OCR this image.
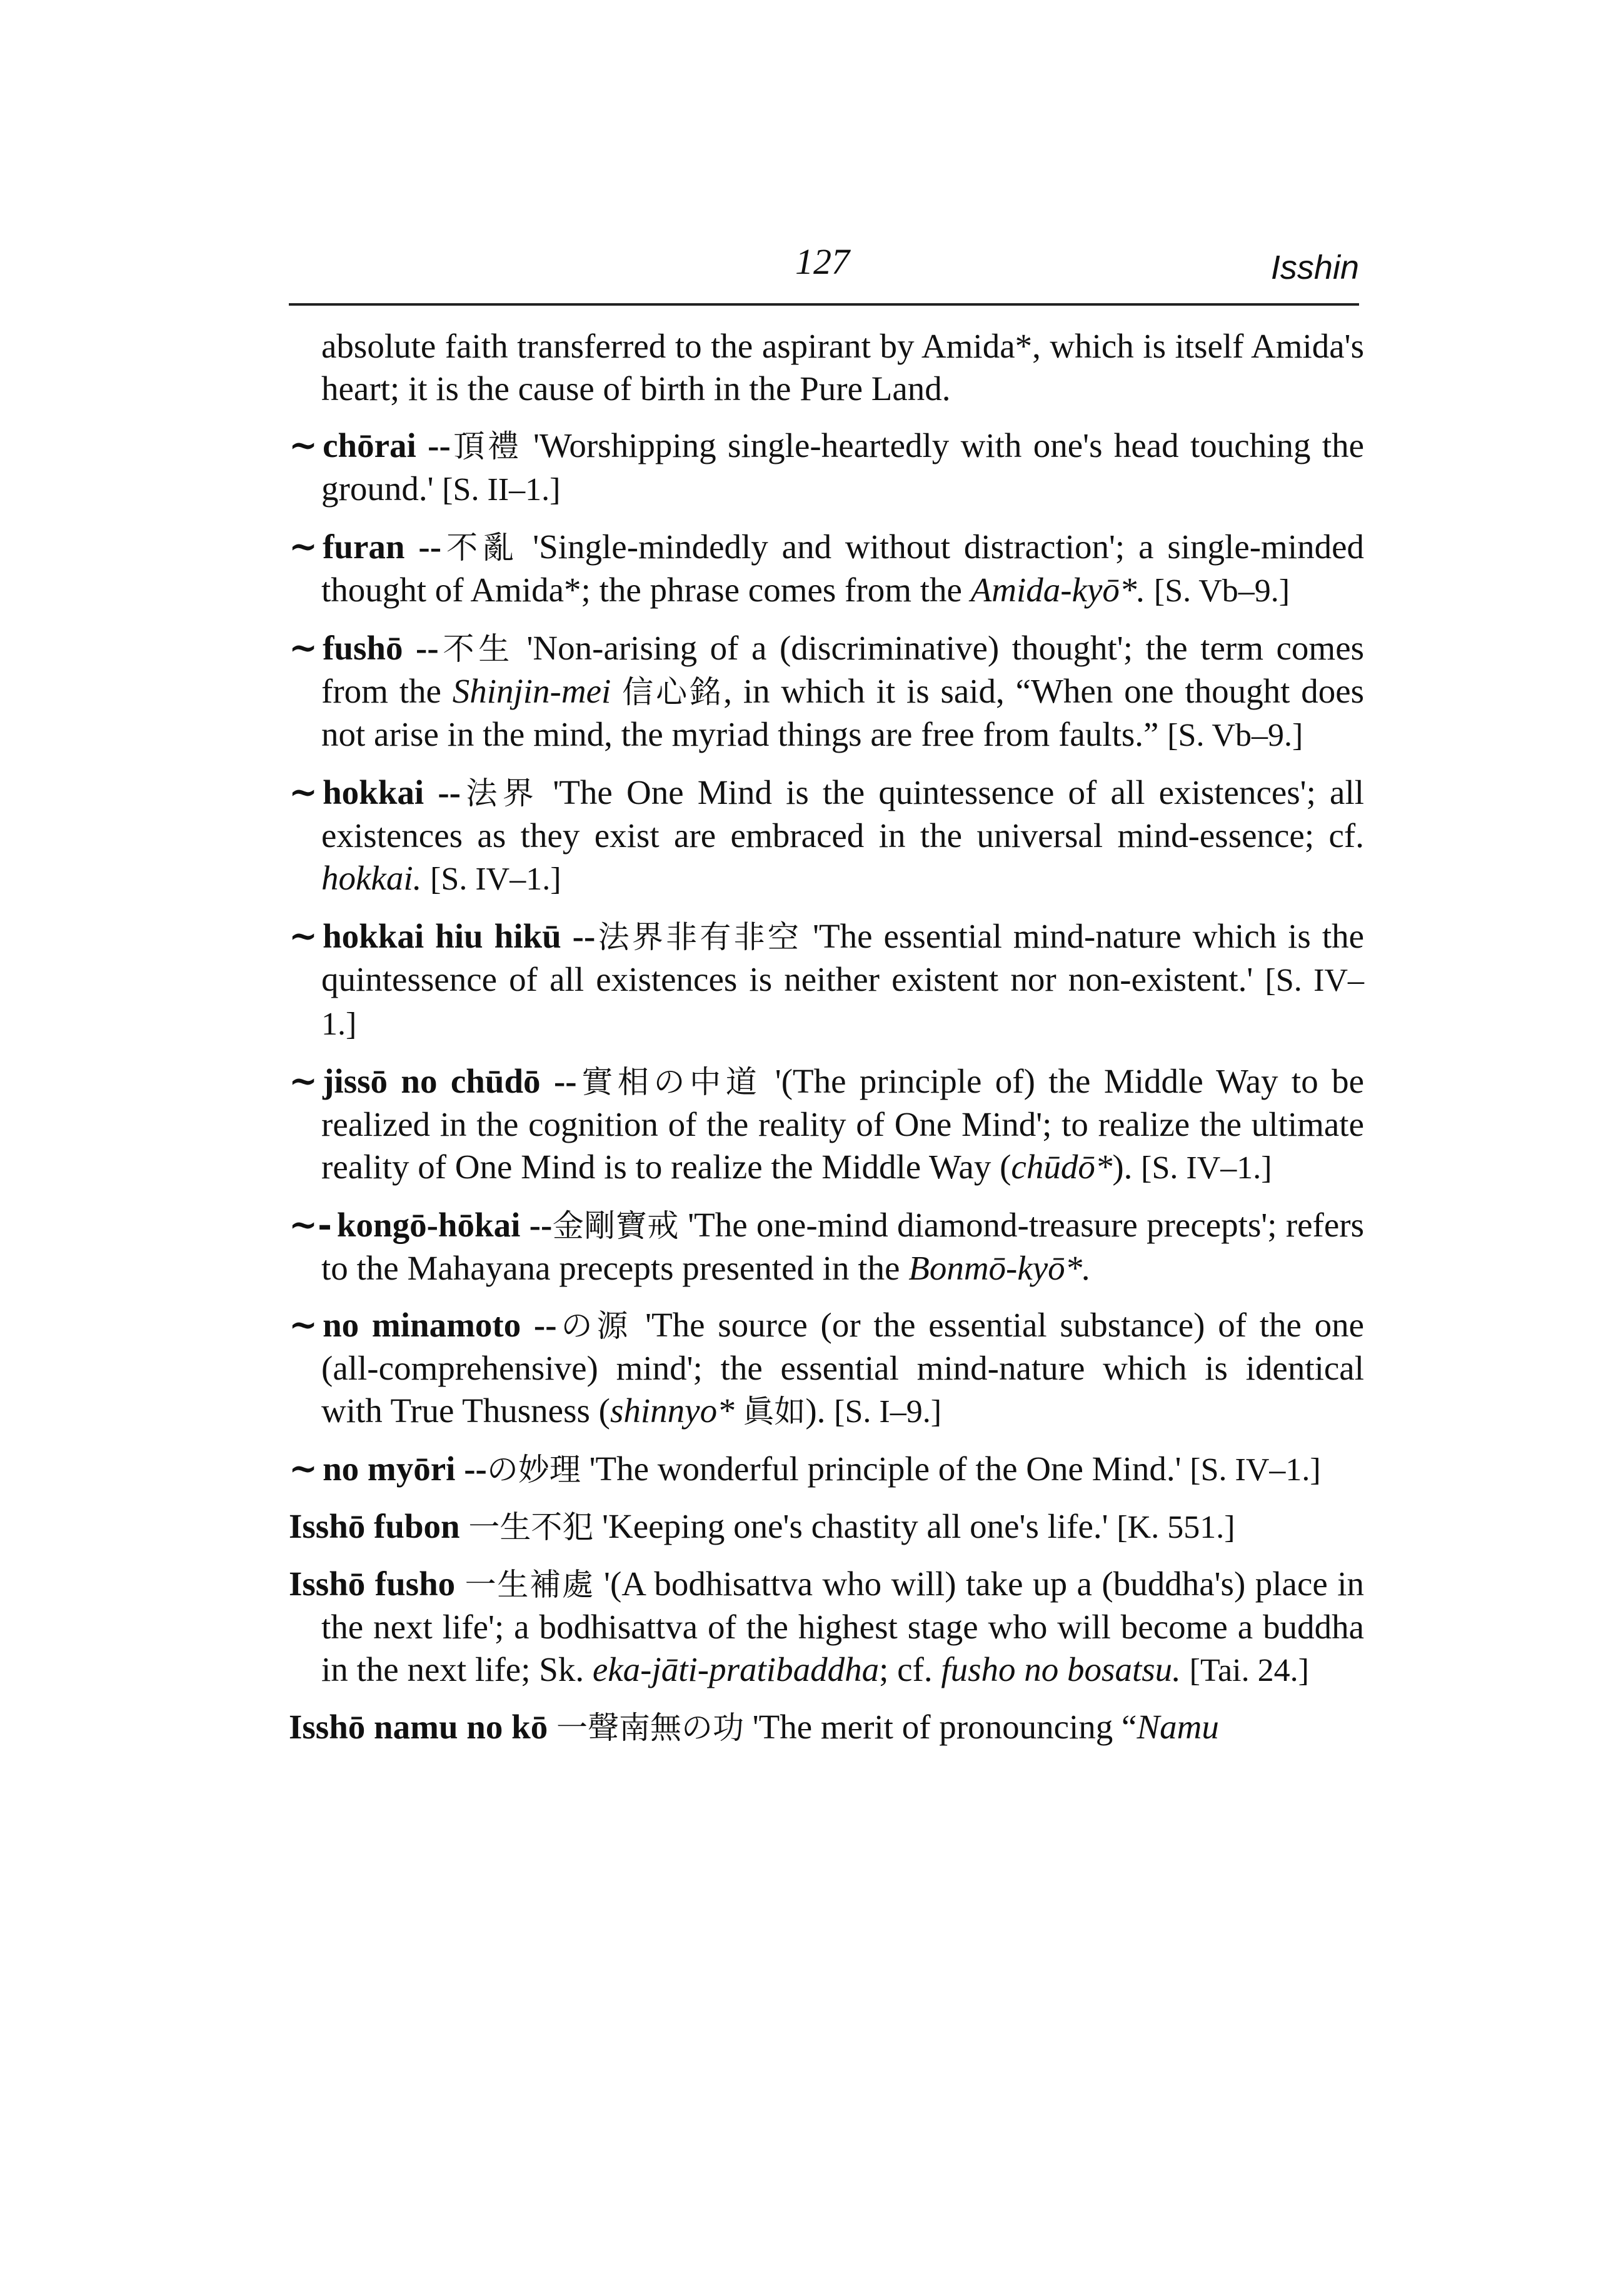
127	Isshin

absolute faith transferred to the aspirant by Amida*, which is itself Amida's heart; it is the cause of birth in the Pure Land.

~ chōrai --頂禮 'Worshipping single-heartedly with one's head touching the ground.' [S. II–1.]

~ furan --不亂 'Single-mindedly and without distraction'; a single-minded thought of Amida*; the phrase comes from the Amida-kyō*. [S. Vb–9.]

~ fushō --不生 'Non-arising of a (discriminative) thought'; the term comes from the Shinjin-mei 信心銘, in which it is said, “When one thought does not arise in the mind, the myriad things are free from faults.” [S. Vb–9.]

~ hokkai --法界 'The One Mind is the quintessence of all existences'; all existences as they exist are embraced in the universal mind-essence; cf. hokkai. [S. IV–1.]

~ hokkai hiu hikū --法界非有非空 'The essential mind-nature which is the quintessence of all existences is neither existent nor non-existent.' [S. IV–1.]

~ jissō no chūdō --實相の中道 '(The principle of) the Middle Way to be realized in the cognition of the reality of One Mind'; to realize the ultimate reality of One Mind is to realize the Middle Way (chūdō*). [S. IV–1.]

~- kongō-hōkai --金剛寶戒 'The one-mind diamond-treasure precepts'; refers to the Mahayana precepts presented in the Bonmō-kyō*.

~ no minamoto --の源 'The source (or the essential substance) of the one (all-comprehensive) mind'; the essential mind-nature which is identical with True Thusness (shinnyo* 眞如). [S. I–9.]

~ no myōri --の妙理 'The wonderful principle of the One Mind.' [S. IV–1.]

Isshō fubon 一生不犯 'Keeping one's chastity all one's life.' [K. 551.]

Isshō fusho 一生補處 '(A bodhisattva who will) take up a (buddha's) place in the next life'; a bodhisattva of the highest stage who will become a buddha in the next life; Sk. eka-jāti-pratibaddha; cf. fusho no bosatsu. [Tai. 24.]

Isshō namu no kō 一聲南無の功 'The merit of pronouncing “Namu
